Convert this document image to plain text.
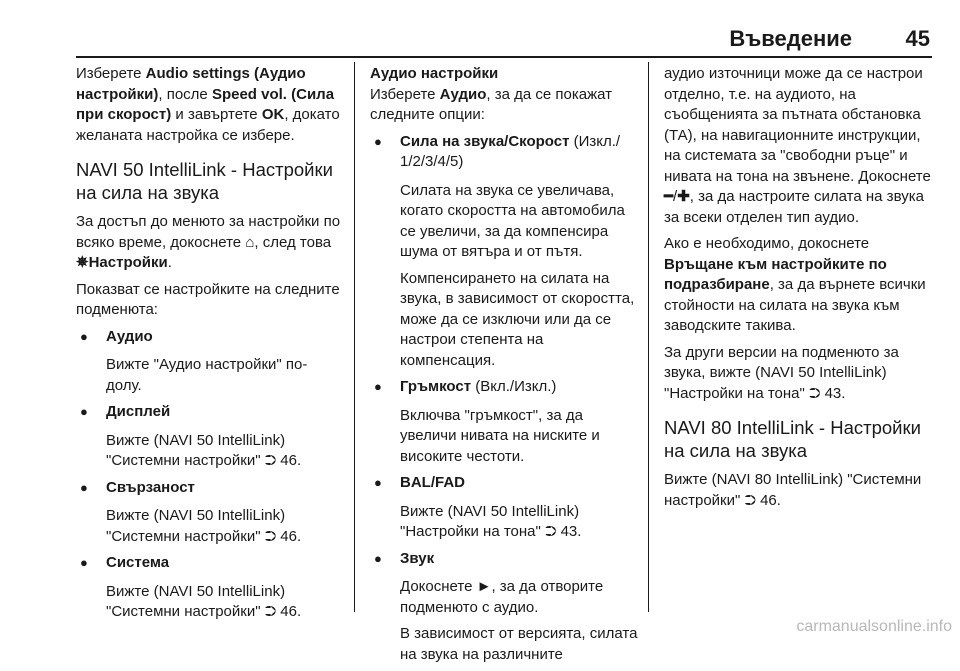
Въведение 45

Изберете Audio settings (Аудио настройки), после Speed vol. (Сила при скорост) и завъртете OK, докато желаната настройка се избере.

NAVI 50 IntelliLink - Настройки на сила на звука

За достъп до менюто за настройки по всяко време, докоснете ⌂, след това ✵Настройки.

Показват се настройките на следните подменюта:

● Аудио

Вижте "Аудио настройки" по-долу.

● Дисплей

Вижте (NAVI 50 IntelliLink) "Системни настройки" ⮊ 46.

● Свързаност

Вижте (NAVI 50 IntelliLink) "Системни настройки" ⮊ 46.

● Система

Вижте (NAVI 50 IntelliLink) "Системни настройки" ⮊ 46.

Аудио настройки

Изберете Аудио, за да се покажат следните опции:

● Сила на звука/Скорост (Изкл./ 1/2/3/4/5)

Силата на звука се увеличава, когато скоростта на автомобила се увеличи, за да компенсира шума от вятъра и от пътя.

Компенсирането на силата на звука, в зависимост от скоростта, може да се изключи или да се настрои степента на компенсация.

● Гръмкост (Вкл./Изкл.)

Включва "гръмкост", за да увеличи нивата на ниските и високите честоти.

● BAL/FAD

Вижте (NAVI 50 IntelliLink) "Настройки на тона" ⮊ 43.

● Звук

Докоснете ►, за да отворите подменюто с аудио.

В зависимост от версията, силата на звука на различните

аудио източници може да се настрои отделно, т.е. на аудиото, на съобщенията за пътната обстановка (ТА), на навигационните инструкции, на системата за "свободни ръце" и нивата на тона на звънене. Докоснете ━/✚, за да настроите силата на звука за всеки отделен тип аудио.

Ако е необходимо, докоснете Връщане към настройките по подразбиране, за да върнете всички стойности на силата на звука към заводските такива.

За други версии на подменюто за звука, вижте (NAVI 50 IntelliLink) "Настройки на тона" ⮊ 43.

NAVI 80 IntelliLink - Настройки на сила на звука

Вижте (NAVI 80 IntelliLink) "Системни настройки" ⮊ 46.

carmanualsonline.info
